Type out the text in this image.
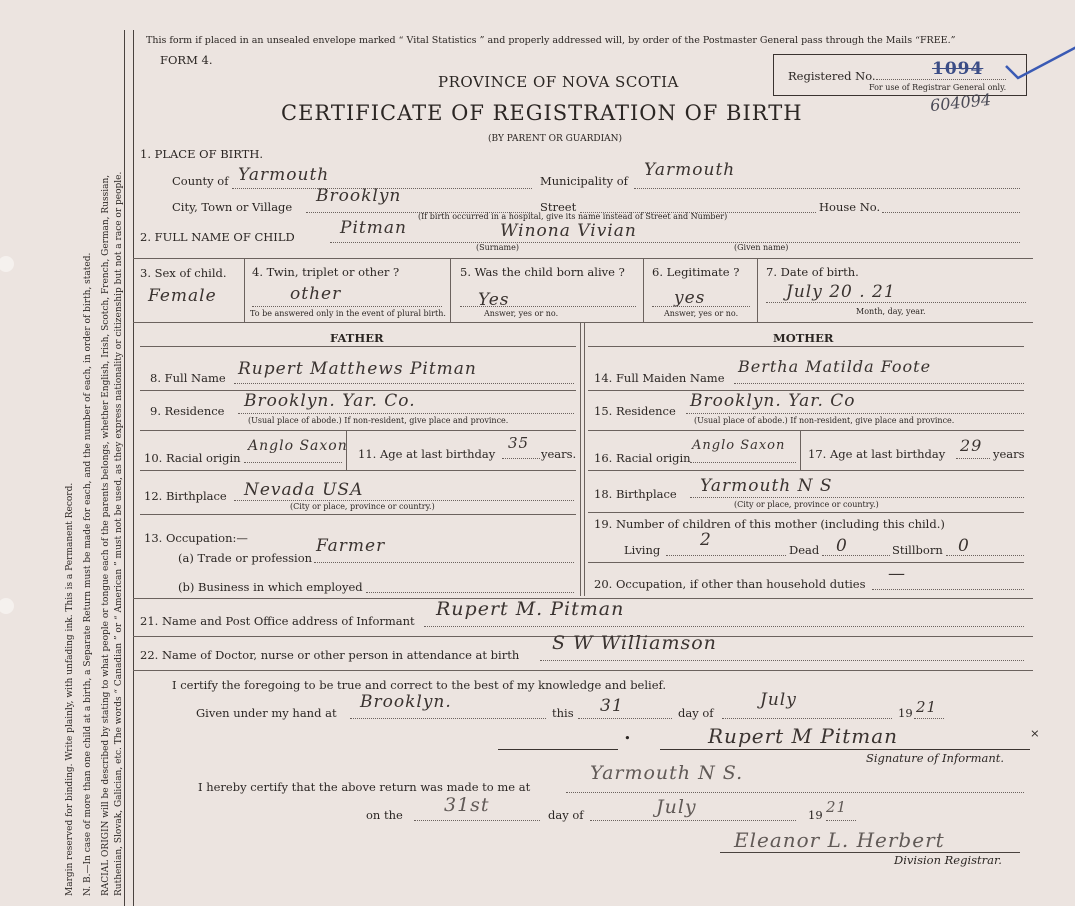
Margin reserved for binding. Write plainly, with unfading ink. This is a Permanent Record. N. B.—In case of more than one child at a birth, a Separate Return must be made for each, and the number of each, in order of birth, stated. RACIAL ORIGIN will be described by stating to what people or tongue each of the parents belongs, whether English, Irish, Scotch, French, German, Russian, Ruthenian, Slovak, Galician, etc. The words “ Canadian ” or “ American ” must not be used, as they express nationality or citizenship but not a race or people.
This form if placed in an unsealed envelope marked “ Vital Statistics ” and properly addressed will, by order of the Postmaster General pass through the Mails “FREE.”
FORM 4.
PROVINCE OF NOVA SCOTIA
CERTIFICATE OF REGISTRATION OF BIRTH
(BY PARENT OR GUARDIAN)
Registered No.	1094
For use of Registrar General only.
604094
1. PLACE OF BIRTH.
County of Yarmouth	Municipality of
Yarmouth
City, Town or Village
Brooklyn
Street	House No.
(If birth occurred in a hospital, give its name instead of Street and Number)
2. FULL NAME OF CHILD	Pitman	Winona Vivian
(Surname)	(Given name)
3. Sex of child.
Female
4. Twin, triplet or other ?
other
To be answered only in the event of plural birth.
5. Was the child born alive ?
Yes
Answer, yes or no.
6. Legitimate ?
yes
Answer, yes or no.
7. Date of birth.
July 20 . 21
Month, day, year.
FATHER	MOTHER
8. Full Name Rupert Matthews Pitman
9. Residence Brooklyn. Yar. Co.
(Usual place of abode.) If non-resident, give place and province.
10. Racial origin
Anglo Saxon 11. Age at last birthday
35
years.
12. Birthplace Nevada USA
(City or place, province or country.)
13. Occupation:—
(a) Trade or profession
Farmer
(b) Business in which employed
14. Full Maiden Name
Bertha Matilda Foote
15. Residence Brooklyn. Yar. Co
(Usual place of abode.) If non-resident, give place and province.
16. Racial origin
Anglo Saxon
17. Age at last birthday 29 years
18. Birthplace Yarmouth N S
(City or place, province or country.)
19. Number of children of this mother (including this child.)
Living 2	Dead 0	Stillborn 0
20. Occupation, if other than household duties —
21. Name and Post Office address of Informant
Rupert M. Pitman
22. Name of Doctor, nurse or other person in attendance at birth
S W Williamson
I certify the foregoing to be true and correct to the best of my knowledge and belief.
Given under my hand at
Brooklyn.
this 31	day of
July
19 21
•	×
Rupert M Pitman
Signature of Informant.
I hereby certify that the above return was made to me at
Yarmouth N S.
on the 31st	day of	July	19 21
Eleanor L. Herbert
Division Registrar.
